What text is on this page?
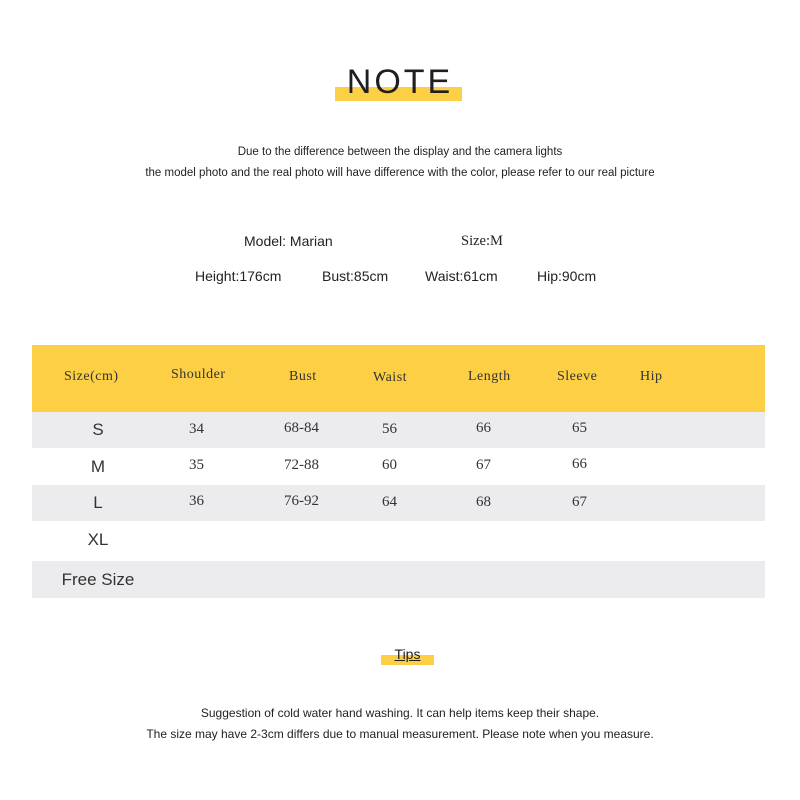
NOTE
Due to the difference between the display and the camera lights
the model photo and the real photo will have difference with the color, please refer to our real picture
Model: Marian	Size:M
Height:176cm	Bust:85cm	Waist:61cm	Hip:90cm
Size(cm)	Shoulder	Bust	Waist	Length	Sleeve	Hip
S	34	68-84	56	66	65
M	35	72-88	60	67	66
L	36	76-92	64	68	67
XL
Free Size
Tips
Suggestion of cold water hand washing. It can help items keep their shape.
The size may have 2-3cm differs due to manual measurement. Please note when you measure.
